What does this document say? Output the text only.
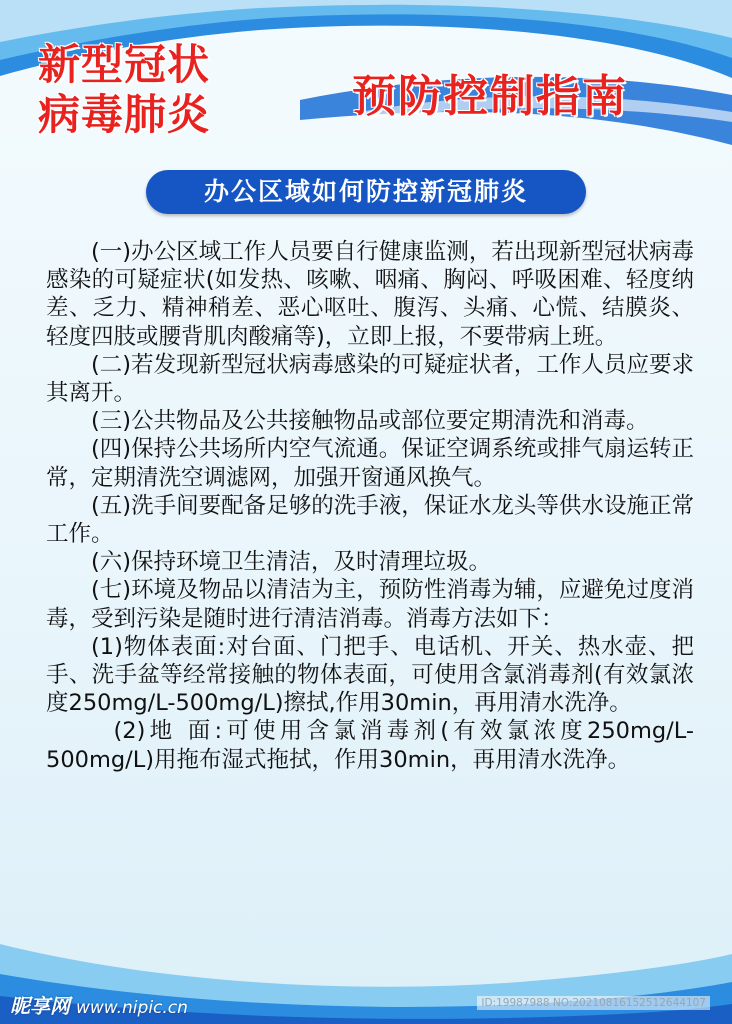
新型冠状
病毒肺炎	预防控制指南
办公区域如何防控新冠肺炎

(一)办公区域工作人员要自行健康监测，若出现新型冠状病毒感染的可疑症状(如发热、咳嗽、咽痛、胸闷、呼吸困难、轻度纳差、乏力、精神稍差、恶心呕吐、腹泻、头痛、心慌、结膜炎、轻度四肢或腰背肌肉酸痛等)，立即上报，不要带病上班。

(二)若发现新型冠状病毒感染的可疑症状者，工作人员应要求其离开。

(三)公共物品及公共接触物品或部位要定期清洗和消毒。

(四)保持公共场所内空气流通。保证空调系统或排气扇运转正常，定期清洗空调滤网，加强开窗通风换气。

(五)洗手间要配备足够的洗手液，保证水龙头等供水设施正常工作。

(六)保持环境卫生清洁，及时清理垃圾。

(七)环境及物品以清洁为主，预防性消毒为辅，应避免过度消毒，受到污染是随时进行清洁消毒。消毒方法如下：

(1)物体表面:对台面、门把手、电话机、开关、热水壶、把手、洗手盆等经常接触的物体表面，可使用含氯消毒剂(有效氯浓度250mg/L-500mg/L)擦拭,作用30min，再用清水洗净。

(2)地 面:可使用含氯消毒剂(有效氯浓度250mg/L-500mg/L)用拖布湿式拖拭，作用30min，再用清水洗净。

昵享网 www.nipic.cn	ID:19987988 NO:20210816152512644107
